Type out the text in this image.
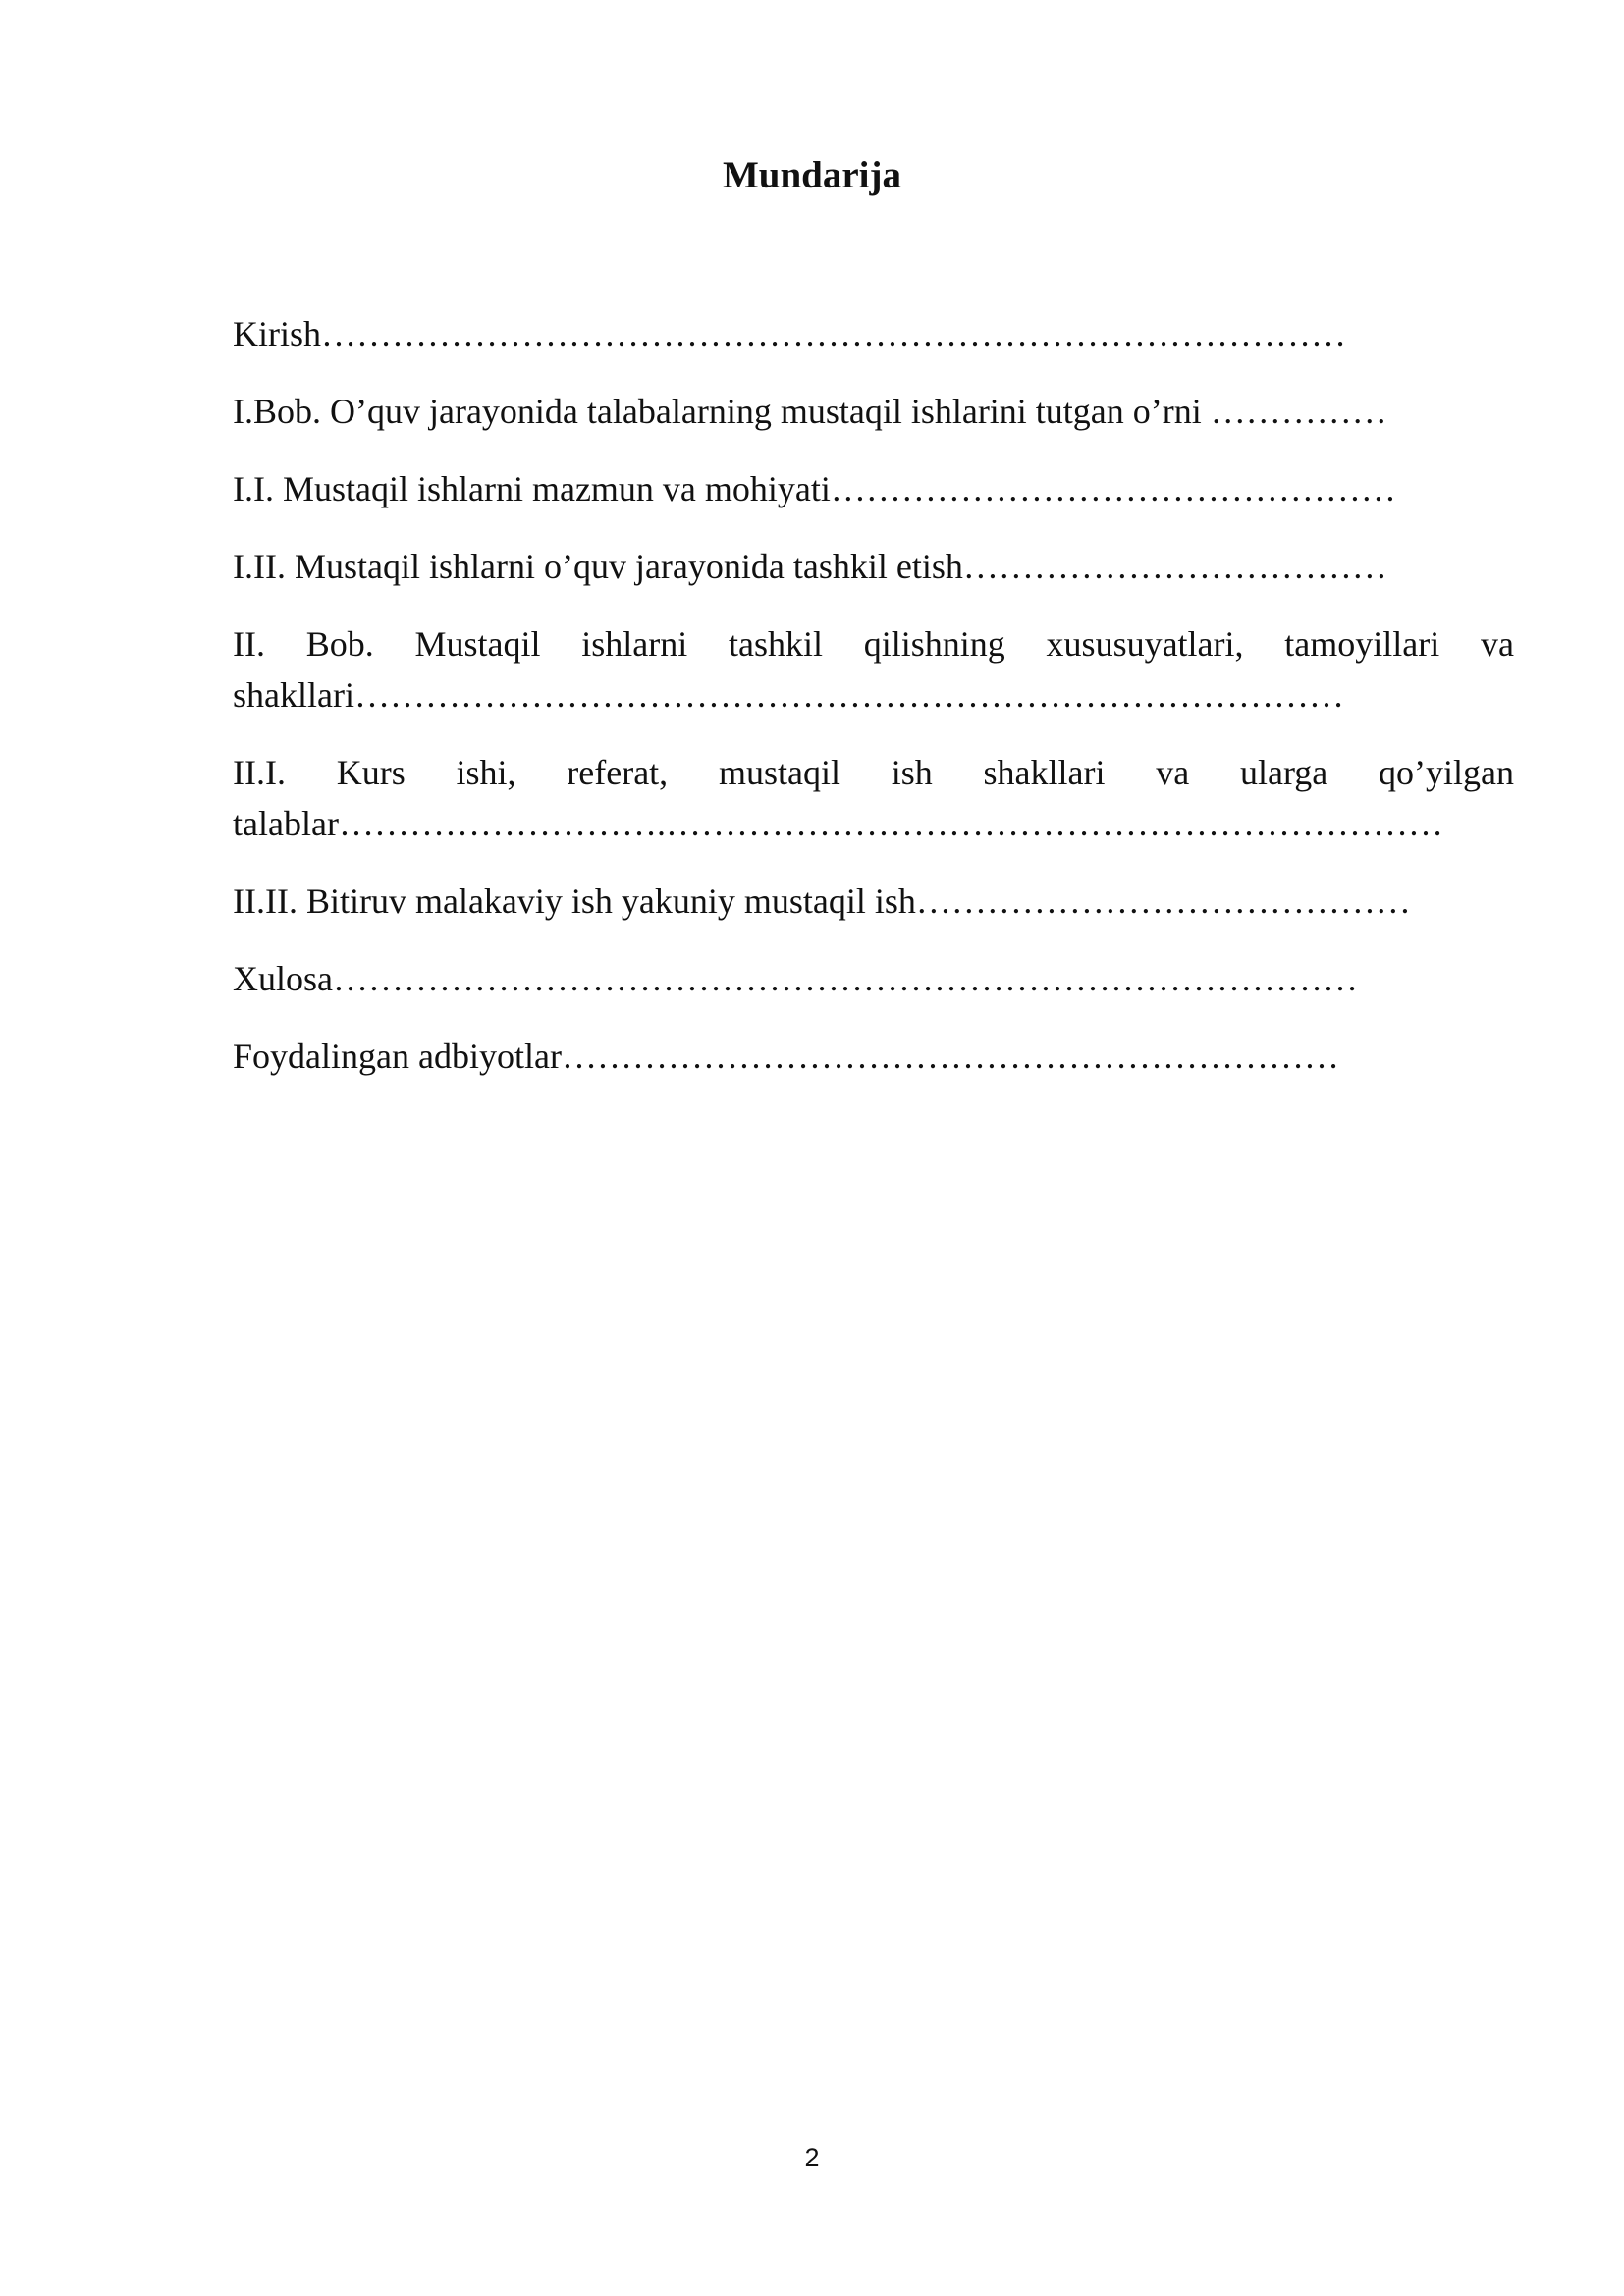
Mundarija
Kirish……………………………………………………………………………
I.Bob. O’quv jarayonida talabalarning mustaqil ishlarini tutgan o’rni ……………
I.I. Mustaqil ishlarni mazmun va mohiyati…………………………………………
I.II. Mustaqil ishlarni o’quv jarayonida tashkil etish………………………………
II. Bob. Mustaqil ishlarni tashkil qilishning xususuyatlari, tamoyillari va shakllari…………………………………………………………………………
II.I. Kurs ishi, referat, mustaqil ish shakllari va ularga qo’yilgan talablar……………………….…………………………………………………………
II.II. Bitiruv malakaviy ish yakuniy mustaqil ish……………………………………
Xulosa……………………………………………………………………………
Foydalingan adbiyotlar…………………………………………………………
2
